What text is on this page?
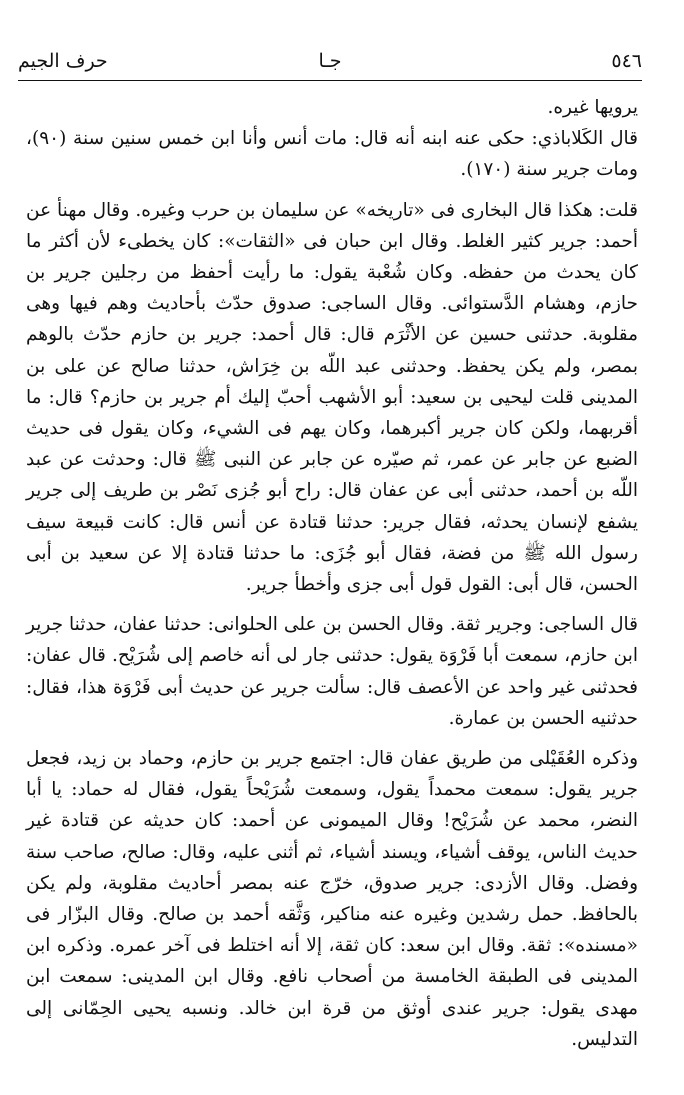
٥٤٦
جـا
حرف الجيم

يرويها غيره.

قال الكَلاباذي: حكى عنه ابنه أنه قال: مات أنس وأنا ابن خمس سنين سنة (٩٠)، ومات جرير سنة (١٧٠).

قلت: هكذا قال البخارى فى «تاريخه» عن سليمان بن حرب وغيره. وقال مهنأ عن أحمد: جرير كثير الغلط. وقال ابن حبان فى «الثقات»: كان يخطىء لأن أكثر ما كان يحدث من حفظه. وكان شُعْبة يقول: ما رأيت أحفظ من رجلين جرير بن حازم، وهشام الدَّستوائى. وقال الساجى: صدوق حدّث بأحاديث وهم فيها وهى مقلوبة. حدثنى حسين عن الأثْرَم قال: قال أحمد: جرير بن حازم حدّث بالوهم بمصر، ولم يكن يحفظ. وحدثنى عبد اللّه بن خِرَاش، حدثنا صالح عن على بن المدينى قلت ليحيى بن سعيد: أبو الأشهب أحبّ إليك أم جرير بن حازم؟ قال: ما أقربهما، ولكن كان جرير أكبرهما، وكان يهم فى الشيء، وكان يقول فى حديث الضبع عن جابر عن عمر، ثم صيّره عن جابر عن النبى ﷺ قال: وحدثت عن عبد اللّه بن أحمد، حدثنى أبى عن عفان قال: راح أبو جُزى نَصْر بن طريف إلى جرير يشفع لإنسان يحدثه، فقال جرير: حدثنا قتادة عن أنس قال: كانت قبيعة سيف رسول الله ﷺ من فضة، فقال أبو جُزَى: ما حدثنا قتادة إلا عن سعيد بن أبى الحسن، قال أبى: القول قول أبى جزى وأخطأ جرير.

قال الساجى: وجرير ثقة. وقال الحسن بن على الحلوانى: حدثنا عفان، حدثنا جرير ابن حازم، سمعت أبا فَرْوَة يقول: حدثنى جار لى أنه خاصم إلى شُرَيْح. قال عفان: فحدثنى غير واحد عن الأعصف قال: سألت جرير عن حديث أبى فَرْوَة هذا، فقال: حدثنيه الحسن بن عمارة.

وذكره العُقَيْلى من طريق عفان قال: اجتمع جرير بن حازم، وحماد بن زيد، فجعل جرير يقول: سمعت محمداً يقول، وسمعت شُرَيْحاً يقول، فقال له حماد: يا أبا النضر، محمد عن شُرَيْح! وقال الميمونى عن أحمد: كان حديثه عن قتادة غير حديث الناس، يوقف أشياء، ويسند أشياء، ثم أثنى عليه، وقال: صالح، صاحب سنة وفضل. وقال الأزدى: جرير صدوق، خرّج عنه بمصر أحاديث مقلوبة، ولم يكن بالحافظ. حمل رشدين وغيره عنه مناكير، وَثَّقه أحمد بن صالح. وقال البزّار فى «مسنده»: ثقة. وقال ابن سعد: كان ثقة، إلا أنه اختلط فى آخر عمره. وذكره ابن المدينى فى الطبقة الخامسة من أصحاب نافع. وقال ابن المدينى: سمعت ابن مهدى يقول: جرير عندى أوثق من قرة ابن خالد. ونسبه يحيى الحِمّانى إلى التدليس.
